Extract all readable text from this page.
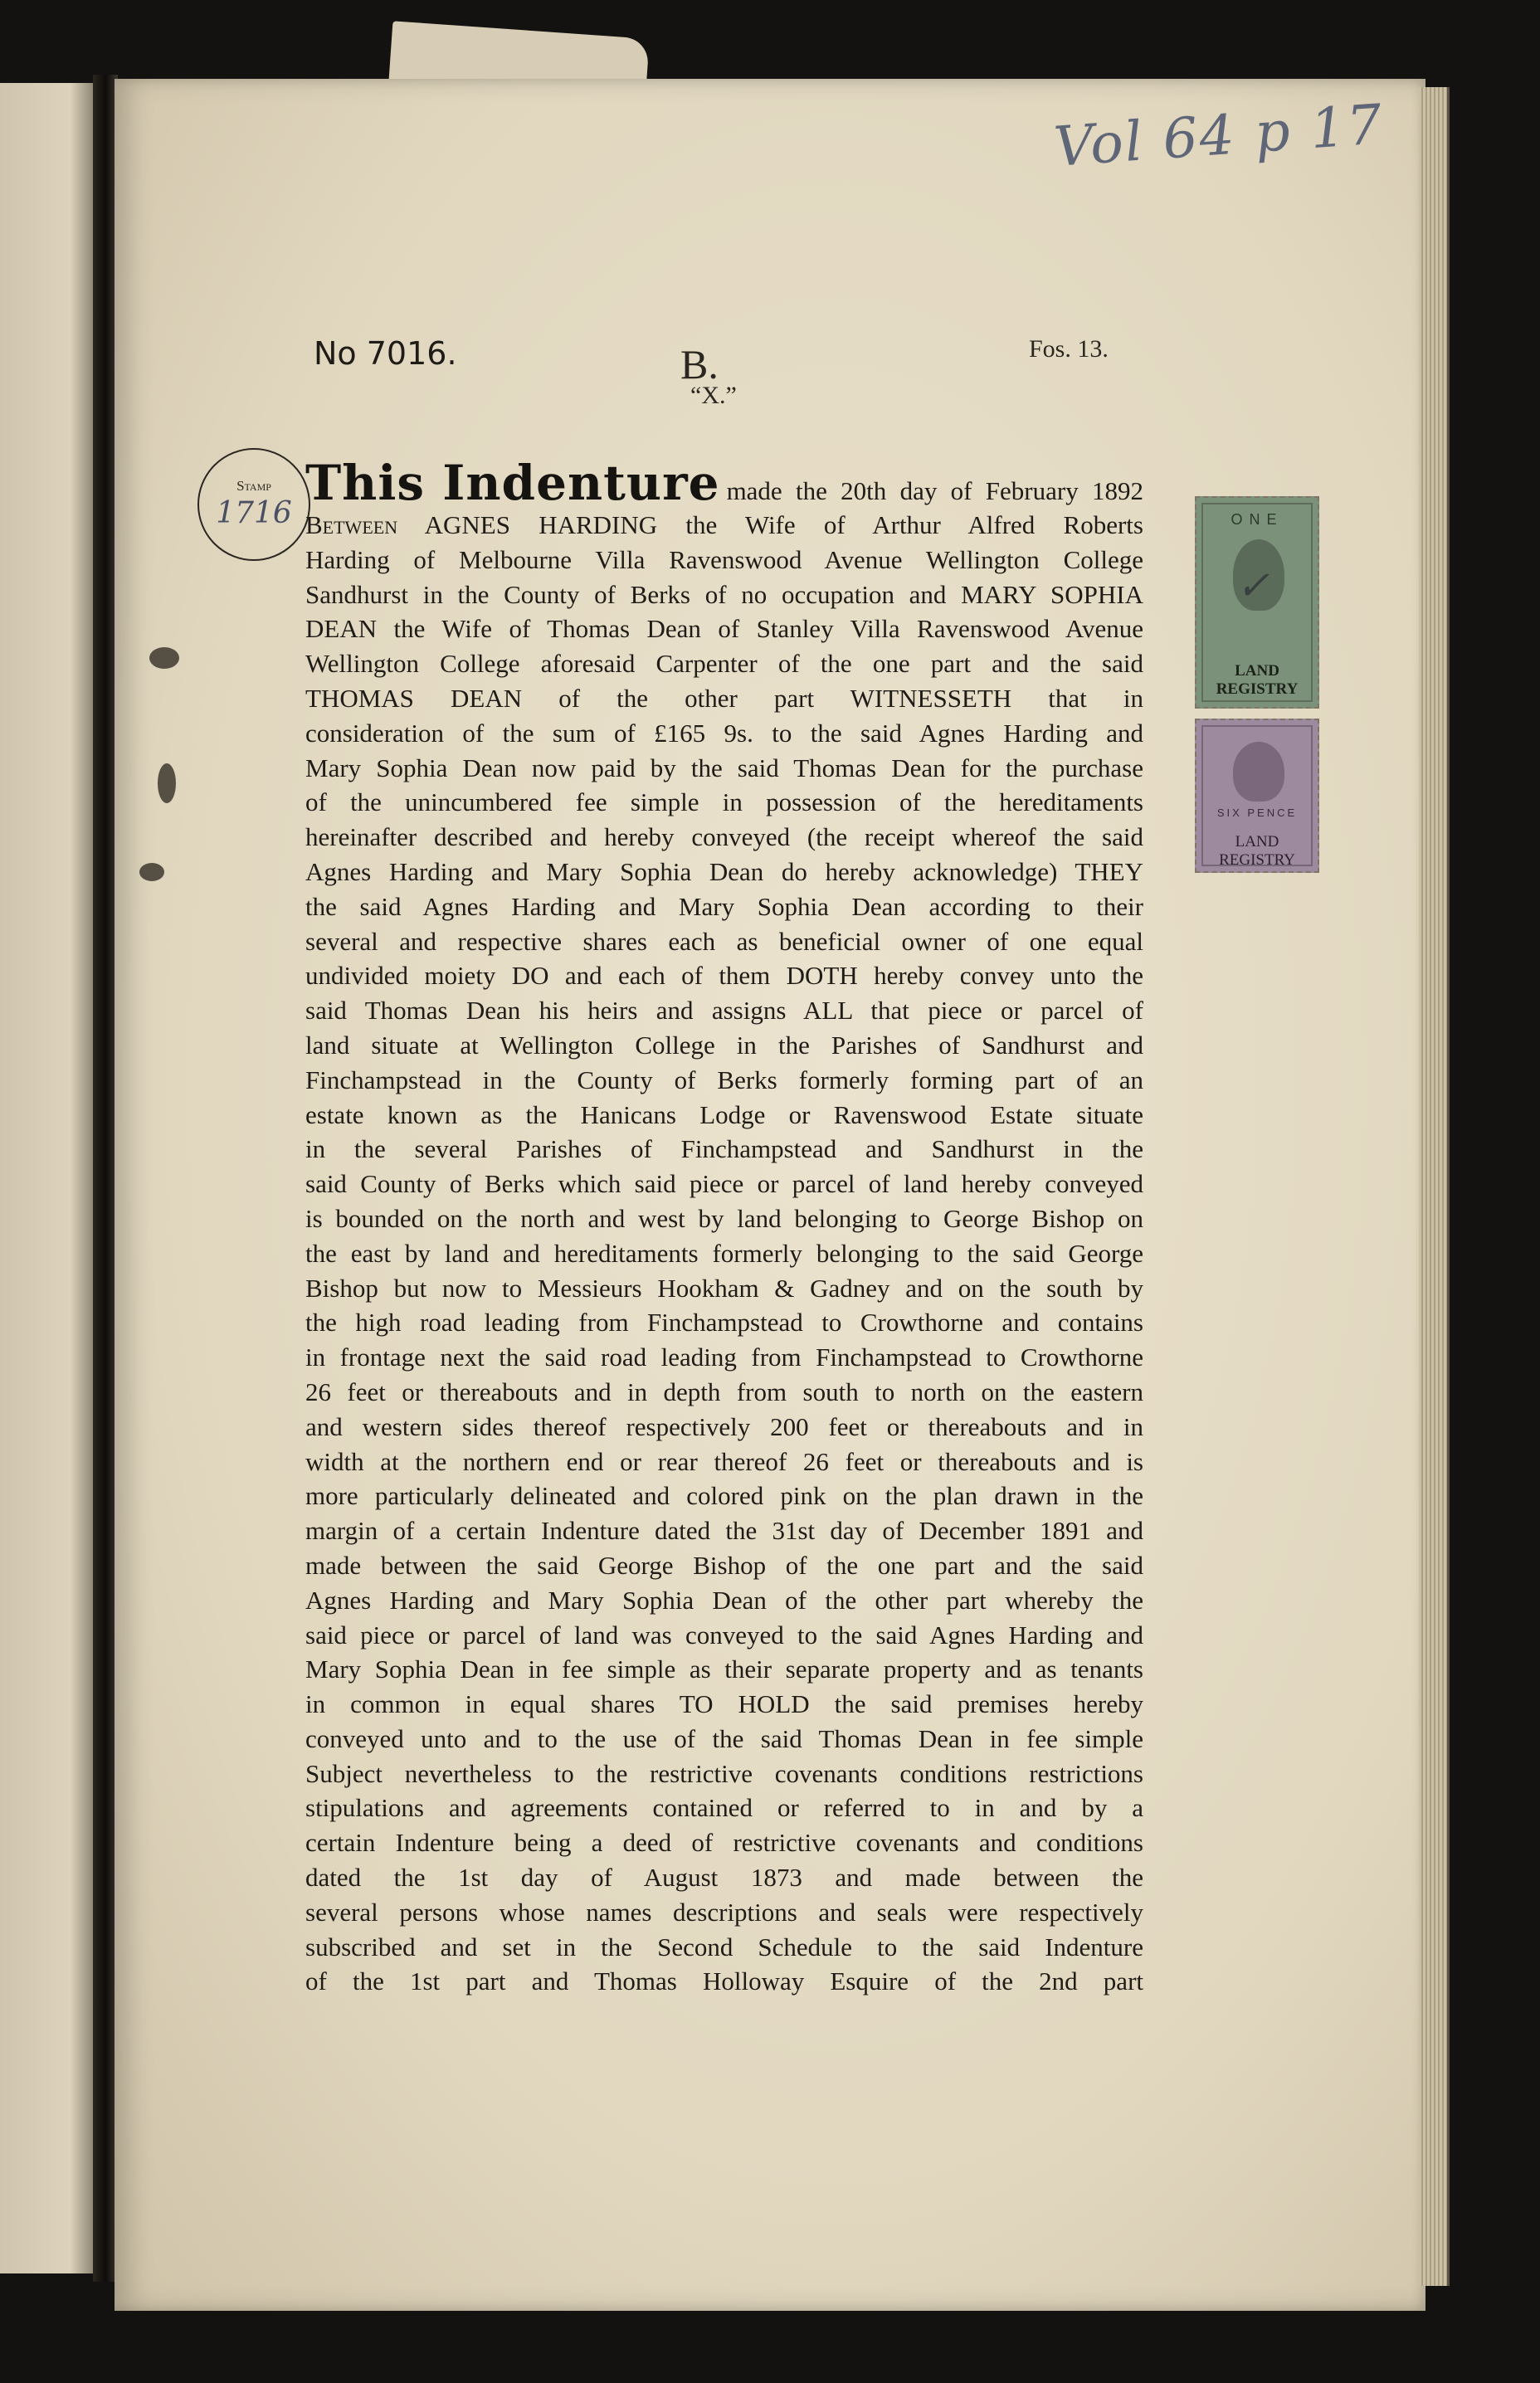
Vol 64 p 17

No 7016.	B.

“X.”

Fos. 13.

Stamp
1716	ONE
✓
LAND
REGISTRY
SIX PENCE
LAND
REGISTRY
This Indenture made the 20th day of February 1892
Between AGNES HARDING the Wife of Arthur Alfred Roberts
Harding of Melbourne Villa Ravenswood Avenue Wellington College
Sandhurst in the County of Berks of no occupation and MARY SOPHIA
DEAN the Wife of Thomas Dean of Stanley Villa Ravenswood Avenue
Wellington College aforesaid Carpenter of the one part and the said
THOMAS DEAN of the other part WITNESSETH that in
consideration of the sum of £165 9s. to the said Agnes Harding and
Mary Sophia Dean now paid by the said Thomas Dean for the purchase
of the unincumbered fee simple in possession of the hereditaments
hereinafter described and hereby conveyed (the receipt whereof the said
Agnes Harding and Mary Sophia Dean do hereby acknowledge) THEY
the said Agnes Harding and Mary Sophia Dean according to their
several and respective shares each as beneficial owner of one equal
undivided moiety DO and each of them DOTH hereby convey unto the
said Thomas Dean his heirs and assigns ALL that piece or parcel of
land situate at Wellington College in the Parishes of Sandhurst and
Finchampstead in the County of Berks formerly forming part of an
estate known as the Hanicans Lodge or Ravenswood Estate situate
in the several Parishes of Finchampstead and Sandhurst in the
said County of Berks which said piece or parcel of land hereby conveyed
is bounded on the north and west by land belonging to George Bishop on
the east by land and hereditaments formerly belonging to the said George
Bishop but now to Messieurs Hookham & Gadney and on the south by
the high road leading from Finchampstead to Crowthorne and contains
in frontage next the said road leading from Finchampstead to Crowthorne
26 feet or thereabouts and in depth from south to north on the eastern
and western sides thereof respectively 200 feet or thereabouts and in
width at the northern end or rear thereof 26 feet or thereabouts and is
more particularly delineated and colored pink on the plan drawn in the
margin of a certain Indenture dated the 31st day of December 1891 and
made between the said George Bishop of the one part and the said
Agnes Harding and Mary Sophia Dean of the other part whereby the
said piece or parcel of land was conveyed to the said Agnes Harding and
Mary Sophia Dean in fee simple as their separate property and as tenants
in common in equal shares TO HOLD the said premises hereby
conveyed unto and to the use of the said Thomas Dean in fee simple
Subject nevertheless to the restrictive covenants conditions restrictions
stipulations and agreements contained or referred to in and by a
certain Indenture being a deed of restrictive covenants and conditions
dated the 1st day of August 1873 and made between the
several persons whose names descriptions and seals were respectively
subscribed and set in the Second Schedule to the said Indenture
of the 1st part and Thomas Holloway Esquire of the 2nd part
